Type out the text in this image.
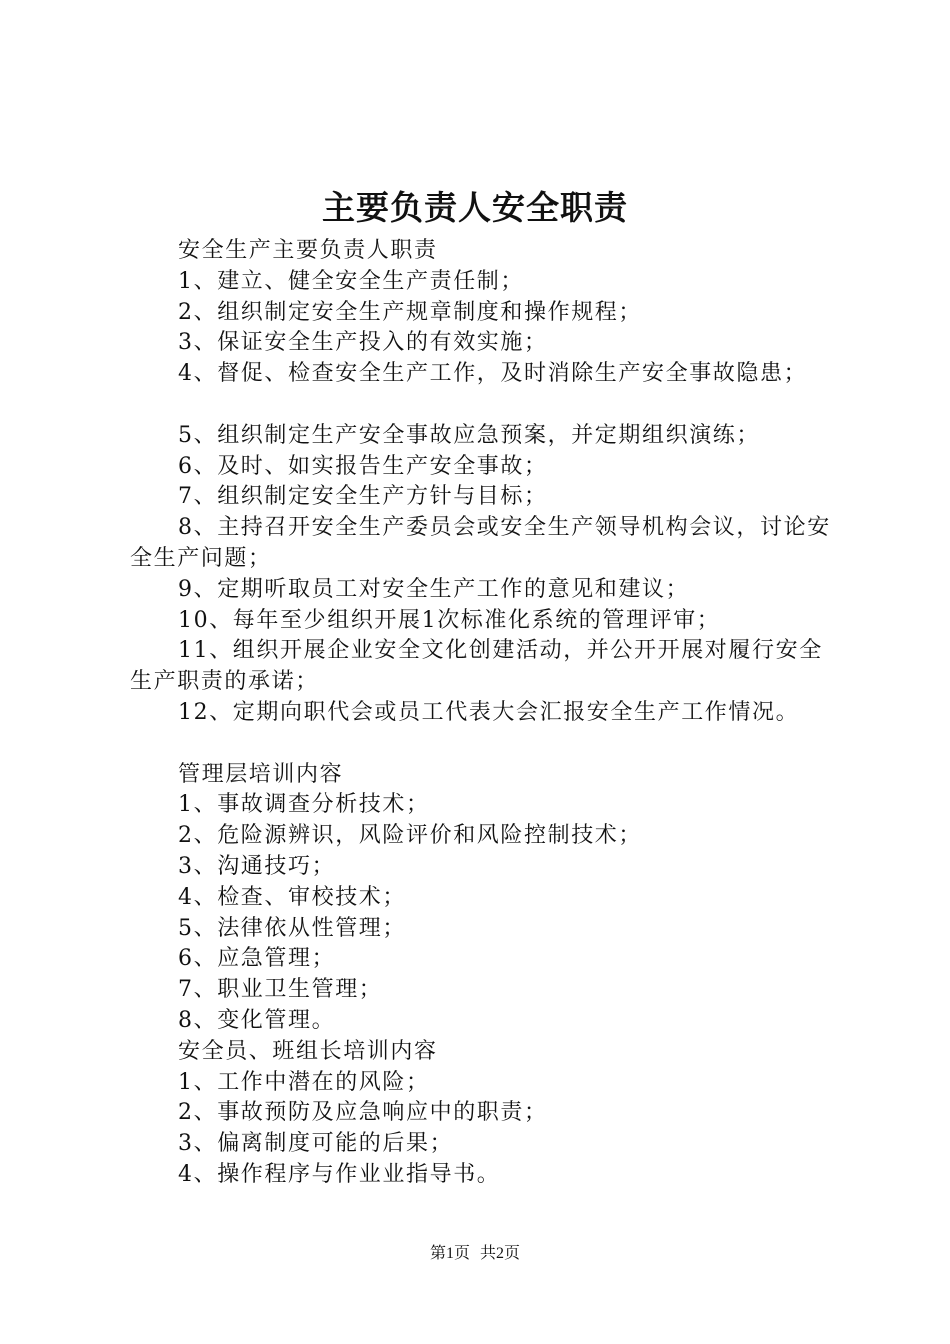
主要负责人安全职责

安全生产主要负责人职责

1、建立、健全安全生产责任制；

2、组织制定安全生产规章制度和操作规程；

3、保证安全生产投入的有效实施；

4、督促、检查安全生产工作，及时消除生产安全事故隐患；

5、组织制定生产安全事故应急预案，并定期组织演练；

6、及时、如实报告生产安全事故；

7、组织制定安全生产方针与目标；

8、主持召开安全生产委员会或安全生产领导机构会议，讨论安全生产问题；

9、定期听取员工对安全生产工作的意见和建议；

10、每年至少组织开展1次标准化系统的管理评审；

11、组织开展企业安全文化创建活动，并公开开展对履行安全生产职责的承诺；

12、定期向职代会或员工代表大会汇报安全生产工作情况。

管理层培训内容

1、事故调查分析技术；

2、危险源辨识，风险评价和风险控制技术；

3、沟通技巧；

4、检查、审校技术；

5、法律依从性管理；

6、应急管理；

7、职业卫生管理；

8、变化管理。

安全员、班组长培训内容

1、工作中潜在的风险；

2、事故预防及应急响应中的职责；

3、偏离制度可能的后果；

4、操作程序与作业业指导书。

第1页 共2页
